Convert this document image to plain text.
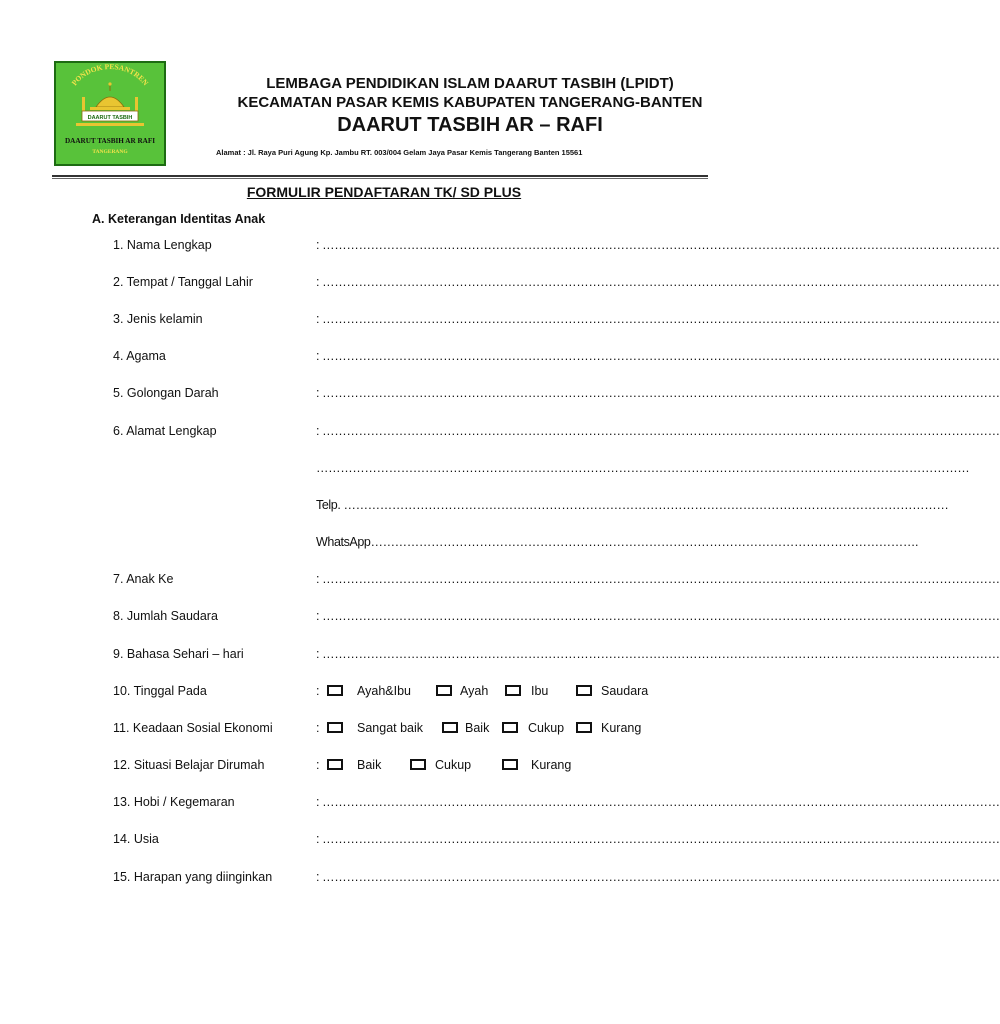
PONDOK PESANTREN
DAARUT TASBIH
DAARUT TASBIH AR RAFI
TANGERANG
LEMBAGA PENDIDIKAN ISLAM DAARUT TASBIH (LPIDT)
KECAMATAN PASAR KEMIS KABUPATEN TANGERANG-BANTEN
DAARUT TASBIH AR – RAFI
Alamat : Jl. Raya Puri Agung Kp. Jambu RT. 003/004 Gelam Jaya Pasar Kemis Tangerang Banten 15561
FORMULIR PENDAFTARAN TK/ SD PLUS
A. Keterangan Identitas Anak
1. Nama Lengkap	: ……………………………………………………………………………………………………………………………………………………
2. Tempat / Tanggal Lahir	: ……………………………………………………………………………………………………………………………………………………
3. Jenis kelamin	: ……………………………………………………………………………………………………………………………………………………
4. Agama	: ……………………………………………………………………………………………………………………………………………………
5. Golongan Darah	: ……………………………………………………………………………………………………………………………………………………
6. Alamat Lengkap	: ……………………………………………………………………………………………………………………………………………………
………………………………………………………………………………………………………………………………………………
Telp. ……………………………………………………………………………………………………………………………………
WhatsApp……………………………………………………………………………………………………………………….
7. Anak Ke	: ……………………………………………………………………………………………………………………………………………………
8. Jumlah Saudara	: ……………………………………………………………………………………………………………………………………………………
9. Bahasa Sehari – hari	: ……………………………………………………………………………………………………………………………………………………
10. Tinggal Pada	:	Ayah&Ibu	Ayah	Ibu	Saudara
11. Keadaan Sosial Ekonomi	:	Sangat baik	Baik	Cukup	Kurang
12. Situasi Belajar Dirumah	:	Baik	Cukup	Kurang
13. Hobi / Kegemaran	: ……………………………………………………………………………………………………………………………………………………
14. Usia	: ……………………………………………………………………………………………………………………………………………………
15. Harapan yang diinginkan	: ……………………………………………………………………………………………………………………………………………………
